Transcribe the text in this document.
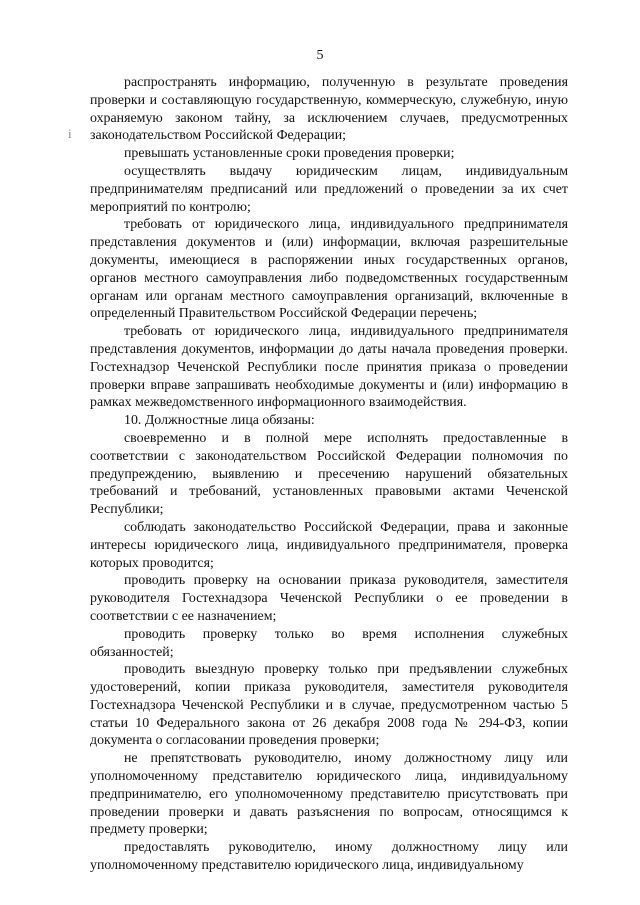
5
i

распространять информацию, полученную в результате проведения проверки и составляющую государственную, коммерческую, служебную, иную охраняемую законом тайну, за исключением случаев, предусмотренных законодательством Российской Федерации;

превышать установленные сроки проведения проверки;

осуществлять выдачу юридическим лицам, индивидуальным предпринимателям предписаний или предложений о проведении за их счет мероприятий по контролю;

требовать от юридического лица, индивидуального предпринимателя представления документов и (или) информации, включая разрешительные документы, имеющиеся в распоряжении иных государственных органов, органов местного самоуправления либо подведомственных государственным органам или органам местного самоуправления организаций, включенные в определенный Правительством Российской Федерации перечень;

требовать от юридического лица, индивидуального предпринимателя представления документов, информации до даты начала проведения проверки. Гостехнадзор Чеченской Республики после принятия приказа о проведении проверки вправе запрашивать необходимые документы и (или) информацию в рамках межведомственного информационного взаимодействия.

10. Должностные лица обязаны:

своевременно и в полной мере исполнять предоставленные в соответствии с законодательством Российской Федерации полномочия по предупреждению, выявлению и пресечению нарушений обязательных требований и требований, установленных правовыми актами Чеченской Республики;

соблюдать законодательство Российской Федерации, права и законные интересы юридического лица, индивидуального предпринимателя, проверка которых проводится;

проводить проверку на основании приказа руководителя, заместителя руководителя Гостехнадзора Чеченской Республики о ее проведении в соответствии с ее назначением;

проводить проверку только во время исполнения служебных обязанностей;

проводить выездную проверку только при предъявлении служебных удостоверений, копии приказа руководителя, заместителя руководителя Гостехнадзора Чеченской Республики и в случае, предусмотренном частью 5 статьи 10 Федерального закона от 26 декабря 2008 года № 294-ФЗ, копии документа о согласовании проведения проверки;

не препятствовать руководителю, иному должностному лицу или уполномоченному представителю юридического лица, индивидуальному предпринимателю, его уполномоченному представителю присутствовать при проведении проверки и давать разъяснения по вопросам, относящимся к предмету проверки;

предоставлять руководителю, иному должностному лицу или уполномоченному представителю юридического лица, индивидуальному
